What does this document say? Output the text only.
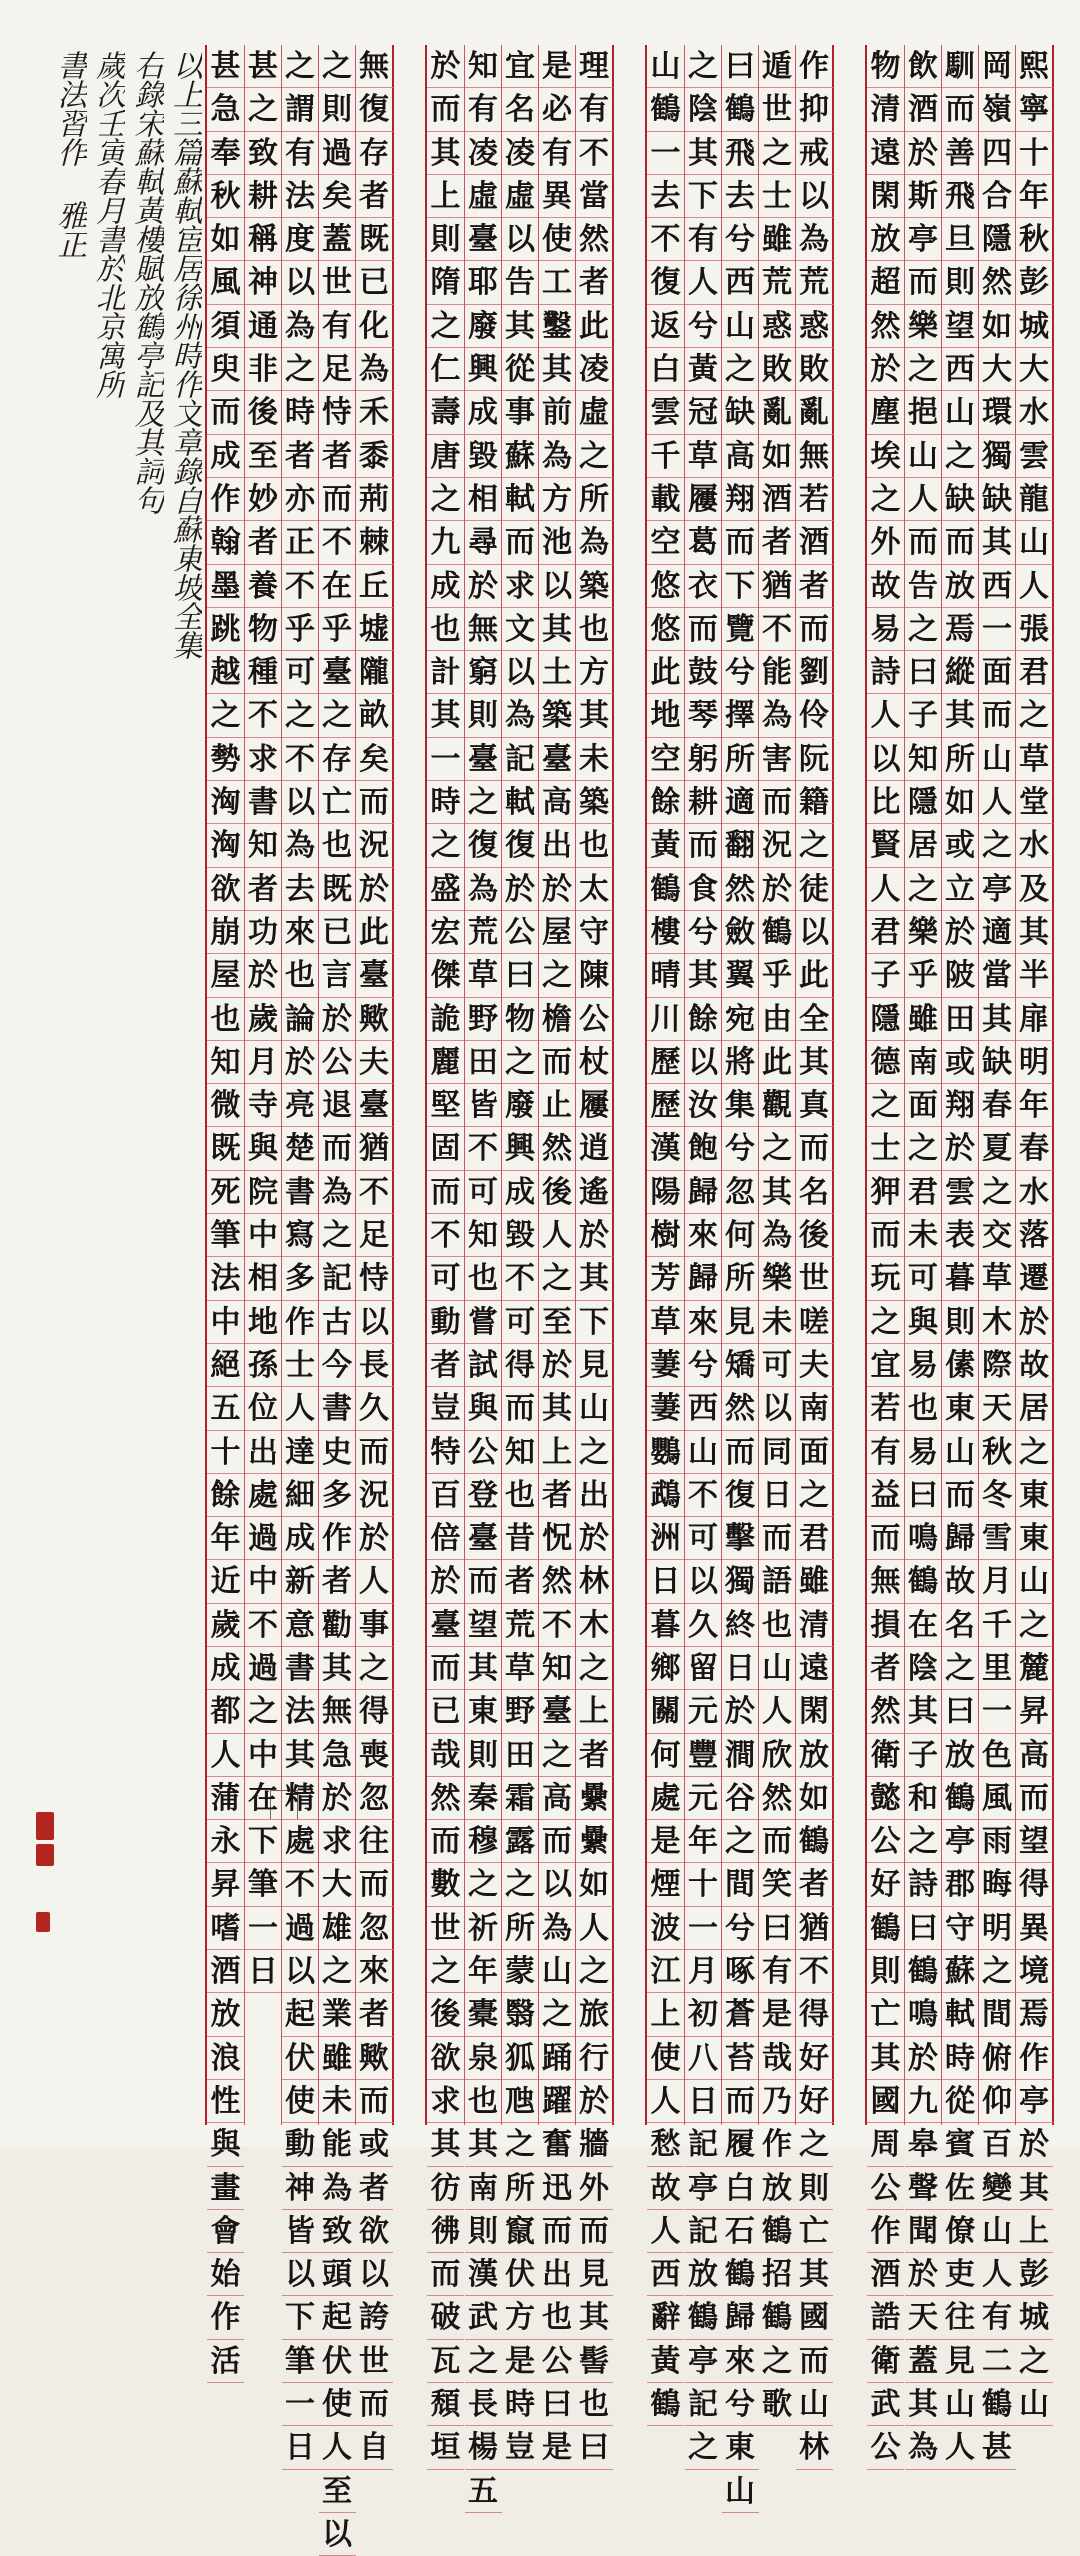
以上三篇蘇軾宦居徐州時作文章錄自蘇東坡全集
右錄宋蘇軾黃樓賦放鶴亭記及其詞句
歲次壬寅春月書於北京寓所
書法習作 雅正	熙
寧
十
年
秋
彭
城
大
水
雲
龍
山
人
張
君
之
草
堂
水
及
其
半
扉
明
年
春
水
落
遷
於
故
居
之
東
東
山
之
麓
昇
高
而
望
得
異
境
焉
作
亭
於
其
上
彭
城
之
山
岡
嶺
四
合
隱
然
如
大
環
獨
缺
其
西
一
面
而
山
人
之
亭
適
當
其
缺
春
夏
之
交
草
木
際
天
秋
冬
雪
月
千
里
一
色
風
雨
晦
明
之
間
俯
仰
百
變
山
人
有
二
鶴
甚
馴
而
善
飛
旦
則
望
西
山
之
缺
而
放
焉
縱
其
所
如
或
立
於
陂
田
或
翔
於
雲
表
暮
則
傃
東
山
而
歸
故
名
之
曰
放
鶴
亭
郡
守
蘇
軾
時
從
賓
佐
僚
吏
往
見
山
人
飲
酒
於
斯
亭
而
樂
之
挹
山
人
而
告
之
曰
子
知
隱
居
之
樂
乎
雖
南
面
之
君
未
可
與
易
也
易
曰
鳴
鶴
在
陰
其
子
和
之
詩
曰
鶴
鳴
於
九
皋
聲
聞
於
天
蓋
其
為
物
清
遠
閑
放
超
然
於
塵
埃
之
外
故
易
詩
人
以
比
賢
人
君
子
隱
德
之
士
狎
而
玩
之
宜
若
有
益
而
無
損
者
然
衛
懿
公
好
鶴
則
亡
其
國
周
公
作
酒
誥
衛
武
公
作
抑
戒
以
為
荒
惑
敗
亂
無
若
酒
者
而
劉
伶
阮
籍
之
徒
以
此
全
其
真
而
名
後
世
嗟
夫
南
面
之
君
雖
清
遠
閑
放
如
鶴
者
猶
不
得
好
好
之
則
亡
其
國
而
山
林
遁
世
之
士
雖
荒
惑
敗
亂
如
酒
者
猶
不
能
為
害
而
況
於
鶴
乎
由
此
觀
之
其
為
樂
未
可
以
同
日
而
語
也
山
人
欣
然
而
笑
曰
有
是
哉
乃
作
放
鶴
招
鶴
之
歌
曰
鶴
飛
去
兮
西
山
之
缺
高
翔
而
下
覽
兮
擇
所
適
翻
然
斂
翼
宛
將
集
兮
忽
何
所
見
矯
然
而
復
擊
獨
終
日
於
澗
谷
之
間
兮
啄
蒼
苔
而
履
白
石
鶴
歸
來
兮
東
山
之
陰
其
下
有
人
兮
黃
冠
草
屨
葛
衣
而
鼓
琴
躬
耕
而
食
兮
其
餘
以
汝
飽
歸
來
歸
來
兮
西
山
不
可
以
久
留
元
豐
元
年
十
一
月
初
八
日
記
亭
記
放
鶴
亭
記
之
山
鶴
一
去
不
復
返
白
雲
千
載
空
悠
悠
此
地
空
餘
黃
鶴
樓
晴
川
歷
歷
漢
陽
樹
芳
草
萋
萋
鸚
鵡
洲
日
暮
鄉
關
何
處
是
煙
波
江
上
使
人
愁
故
人
西
辭
黃
鶴
理
有
不
當
然
者
此
凌
虛
之
所
為
築
也
方
其
未
築
也
太
守
陳
公
杖
屨
逍
遙
於
其
下
見
山
之
出
於
林
木
之
上
者
纍
纍
如
人
之
旅
行
於
牆
外
而
見
其
髻
也
曰
是
必
有
異
使
工
鑿
其
前
為
方
池
以
其
土
築
臺
高
出
於
屋
之
檐
而
止
然
後
人
之
至
於
其
上
者
怳
然
不
知
臺
之
高
而
以
為
山
之
踊
躍
奮
迅
而
出
也
公
曰
是
宜
名
凌
虛
以
告
其
從
事
蘇
軾
而
求
文
以
為
記
軾
復
於
公
曰
物
之
廢
興
成
毀
不
可
得
而
知
也
昔
者
荒
草
野
田
霜
露
之
所
蒙
翳
狐
虺
之
所
竄
伏
方
是
時
豈
知
有
凌
虛
臺
耶
廢
興
成
毀
相
尋
於
無
窮
則
臺
之
復
為
荒
草
野
田
皆
不
可
知
也
嘗
試
與
公
登
臺
而
望
其
東
則
秦
穆
之
祈
年
橐
泉
也
其
南
則
漢
武
之
長
楊
五
於
而
其
上
則
隋
之
仁
壽
唐
之
九
成
也
計
其
一
時
之
盛
宏
傑
詭
麗
堅
固
而
不
可
動
者
豈
特
百
倍
於
臺
而
已
哉
然
而
數
世
之
後
欲
求
其
彷
彿
而
破
瓦
頹
垣
無
復
存
者
既
已
化
為
禾
黍
荊
棘
丘
墟
隴
畝
矣
而
況
於
此
臺
歟
夫
臺
猶
不
足
恃
以
長
久
而
況
於
人
事
之
得
喪
忽
往
而
忽
來
者
歟
而
或
者
欲
以
誇
世
而
自
之
則
過
矣
蓋
世
有
足
恃
者
而
不
在
乎
臺
之
存
亡
也
既
已
言
於
公
退
而
為
之
記
古
今
書
史
多
作
者
勸
其
無
急
於
求
大
雄
之
業
雖
未
能
為
致
頭
起
伏
使
人
至
以
之
謂
有
法
度
以
為
之
時
者
亦
正
不
乎
可
之
不
以
為
去
來
也
論
於
亮
楚
書
寫
多
作
士
人
達
細
成
新
意
書
法
其
精
處
不
過
以
起
伏
使
動
神
皆
以
下
筆
一
日
甚
之
致
耕
稱
神
通
非
後
至
妙
者
養
物
種
不
求
書
知
者
功
於
歲
月
寺
與
院
中
相
地
孫
位
出
處
過
中
不
過
之
中
在
下
筆
一
日
甚
急
奉
秋
如
風
須
臾
而
成
作
翰
墨
跳
越
之
勢
洶
洶
欲
崩
屋
也
知
微
既
死
筆
法
中
絕
五
十
餘
年
近
歲
成
都
人
蒲
永
昇
嗜
酒
放
浪
性
與
畫
會
始
作
活
